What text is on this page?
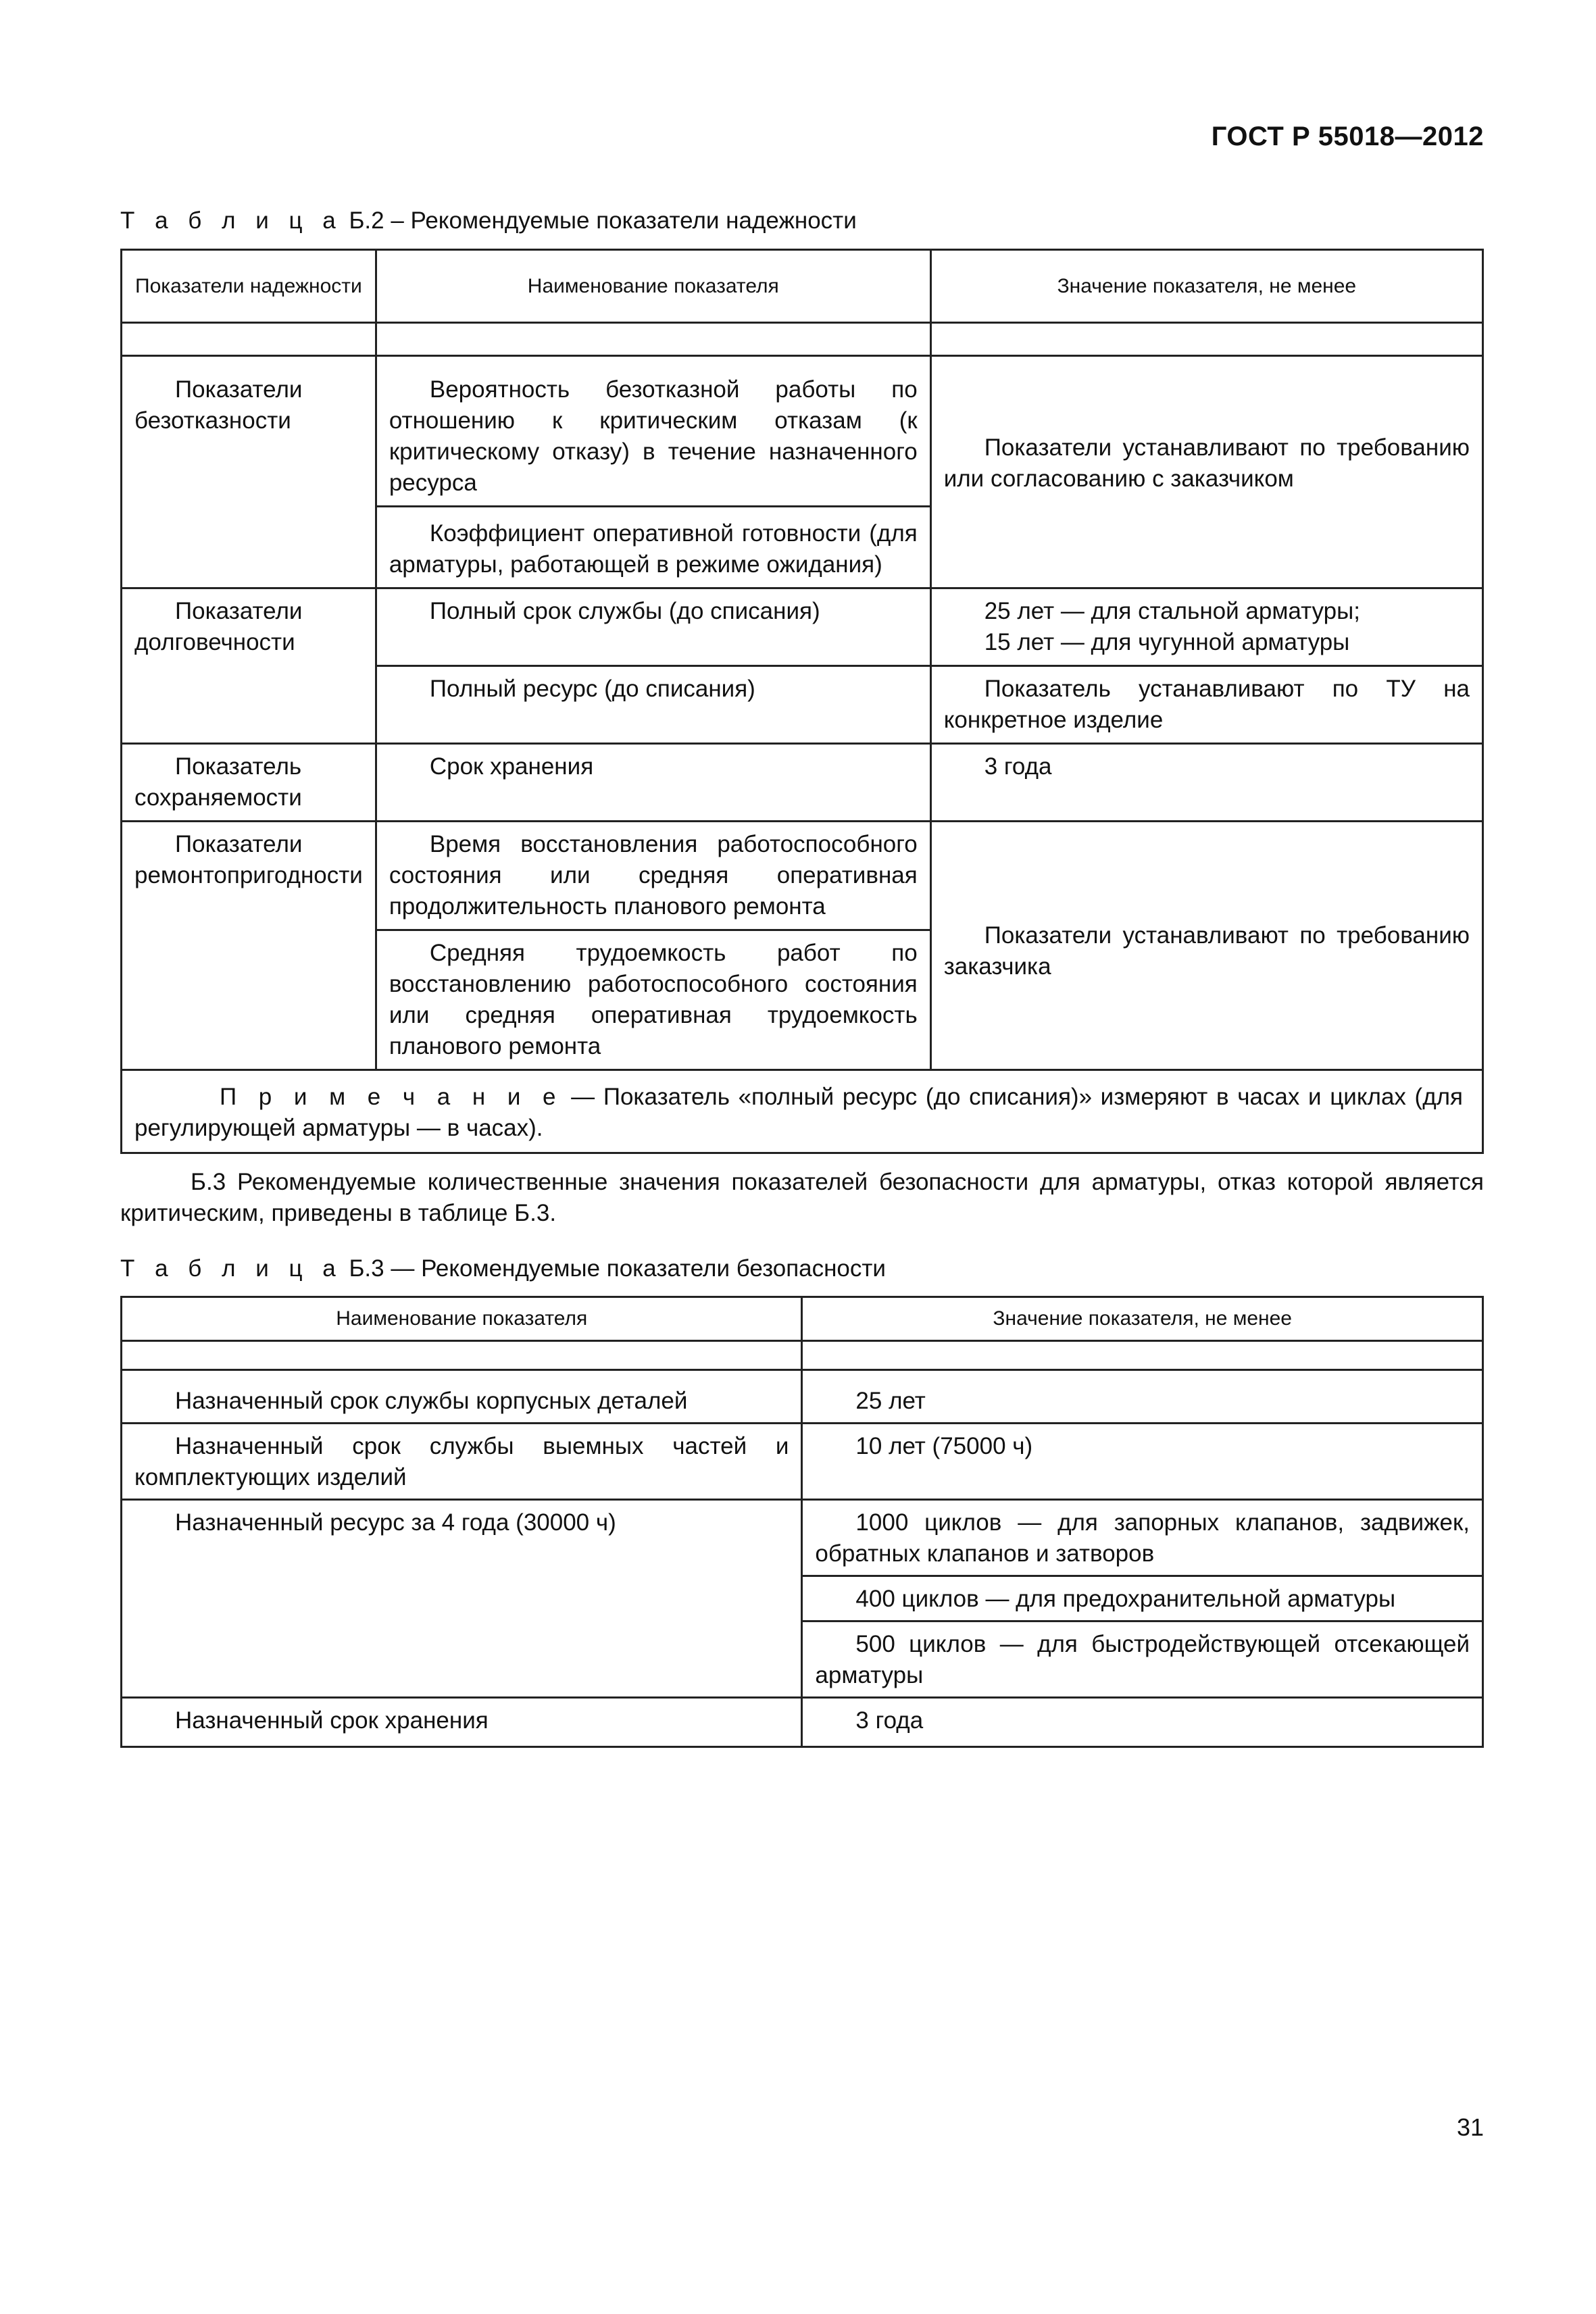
ГОСТ Р 55018—2012
Т а б л и ц а Б.2 – Рекомендуемые показатели надежности
Показатели надежности	Наименование показателя	Значение показателя, не менее

Показатели безотказности	Вероятность безотказной работы по отношению к критическим отказам (к критическому отказу) в течение назначенного ресурса	Показатели устанавливают по требованию или согласованию с заказчиком
	Коэффициент оперативной готовности (для арматуры, работающей в режиме ожидания)	
Показатели долговечности	Полный срок службы (до списания)	25 лет — для стальной арматуры;
15 лет — для чугунной арматуры

	Полный ресурс (до списания)	Показатель устанавливают по ТУ на конкретное изделие
Показатель сохраняемости	Срок хранения	3 года
Показатели ремонтопригодности	Время восстановления работоспособного состояния или средняя оперативная продолжительность планового ремонта	Показатели устанавливают по требованию заказчика
	Средняя трудоемкость работ по восстановлению работоспособного состояния или средняя оперативная трудоемкость планового ремонта	
П р и м е ч а н и е — Показатель «полный ресурс (до списания)» измеряют в часах и циклах (для регулирующей арматуры — в часах).		
Б.3 Рекомендуемые количественные значения показателей безопасности для арматуры, отказ которой является критическим, приведены в таблице Б.3.
Т а б л и ц а Б.3 — Рекомендуемые показатели безопасности
Наименование показателя	Значение показателя, не менее

Назначенный срок службы корпусных деталей	25 лет
Назначенный срок службы выемных частей и комплектующих изделий	10 лет (75000 ч)
Назначенный ресурс за 4 года (30000 ч)	1000 циклов — для запорных клапанов, задвижек, обратных клапанов и затворов
	400 циклов — для предохранительной арматуры
	500 циклов — для быстродействующей отсекающей арматуры
Назначенный срок хранения	3 года
31
